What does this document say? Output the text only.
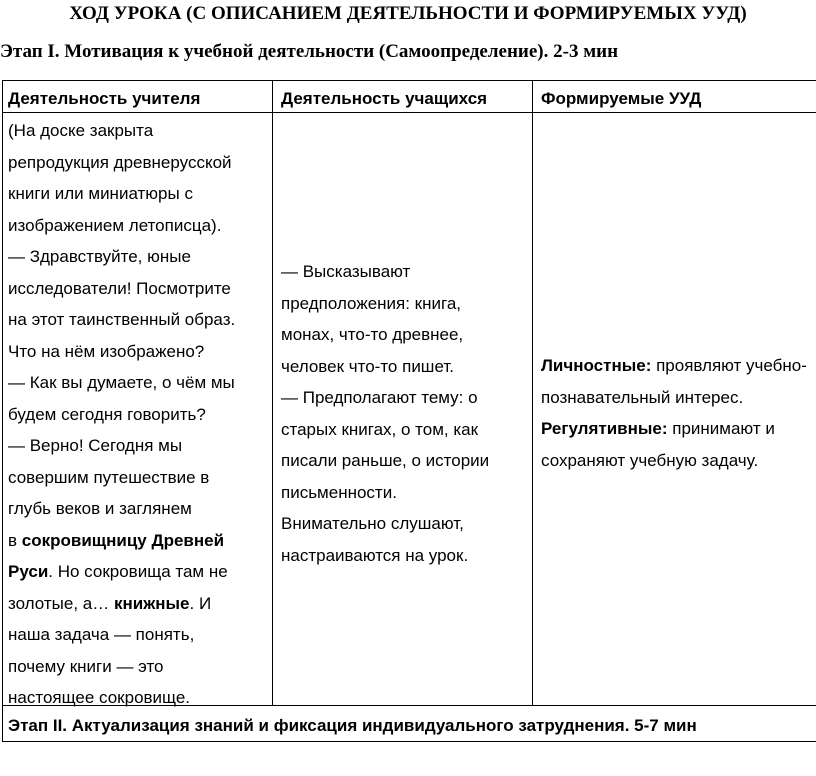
ХОД УРОКА (С ОПИСАНИЕМ ДЕЯТЕЛЬНОСТИ И ФОРМИРУЕМЫХ УУД)
Этап I. Мотивация к учебной деятельности (Самоопределение). 2-3 мин
Деятельность учителя	Деятельность учащихся	Формируемые УУД
(На доске закрыта
репродукция древнерусской
книги или миниатюры с
изображением летописца).
— Здравствуйте, юные
исследователи! Посмотрите
на этот таинственный образ.
Что на нём изображено?
— Как вы думаете, о чём мы
будем сегодня говорить?
— Верно! Сегодня мы
совершим путешествие в
глубь веков и заглянем
в сокровищницу Древней
Руси. Но сокровища там не
золотые, а… книжные. И
наша задача — понять,
почему книги — это
настоящее сокровище.
— Высказывают
предположения: книга,
монах, что-то древнее,
человек что-то пишет.
— Предполагают тему: о
старых книгах, о том, как
писали раньше, о истории
письменности.
Внимательно слушают,
настраиваются на урок.
Личностные: проявляют учебно-
познавательный интерес.
Регулятивные: принимают и
сохраняют учебную задачу.
Этап II. Актуализация знаний и фиксация индивидуального затруднения. 5-7 мин
